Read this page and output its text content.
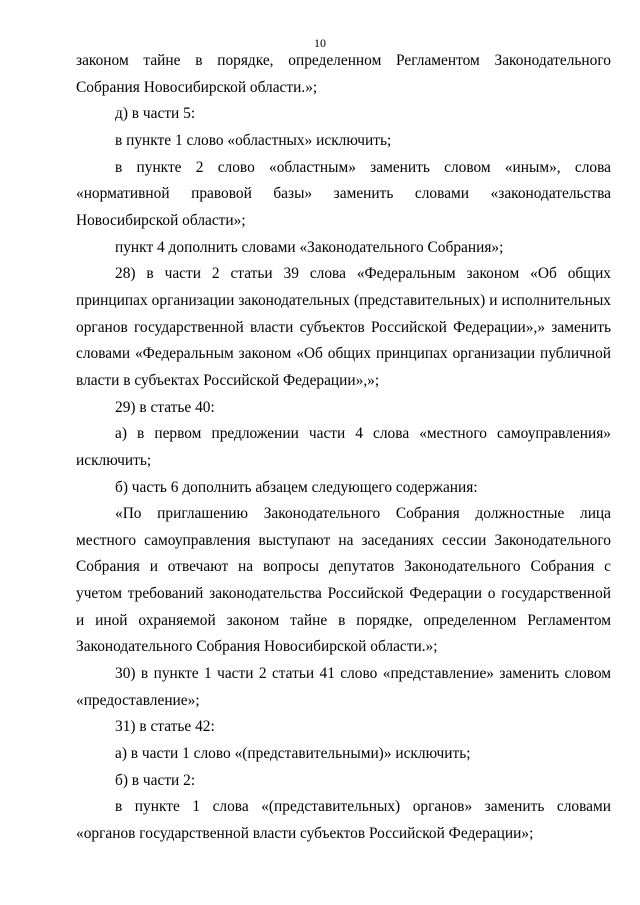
10

законом тайне в порядке, определенном Регламентом Законодательного Собрания Новосибирской области.»;

д) в части 5:

в пункте 1 слово «областных» исключить;

в пункте 2 слово «областным» заменить словом «иным», слова «нормативной правовой базы» заменить словами «законодательства Новосибирской области»;

пункт 4 дополнить словами «Законодательного Собрания»;

28) в части 2 статьи 39 слова «Федеральным законом «Об общих принципах организации законодательных (представительных) и исполнительных органов государственной власти субъектов Российской Федерации»,» заменить словами «Федеральным законом «Об общих принципах организации публичной власти в субъектах Российской Федерации»,»;

29) в статье 40:

а) в первом предложении части 4 слова «местного самоуправления» исключить;

б) часть 6 дополнить абзацем следующего содержания:

«По приглашению Законодательного Собрания должностные лица местного самоуправления выступают на заседаниях сессии Законодательного Собрания и отвечают на вопросы депутатов Законодательного Собрания с учетом требований законодательства Российской Федерации о государственной и иной охраняемой законом тайне в порядке, определенном Регламентом Законодательного Собрания Новосибирской области.»;

30) в пункте 1 части 2 статьи 41 слово «представление» заменить словом «предоставление»;

31) в статье 42:

а) в части 1 слово «(представительными)» исключить;

б) в части 2:

в пункте 1 слова «(представительных) органов» заменить словами «органов государственной власти субъектов Российской Федерации»;
